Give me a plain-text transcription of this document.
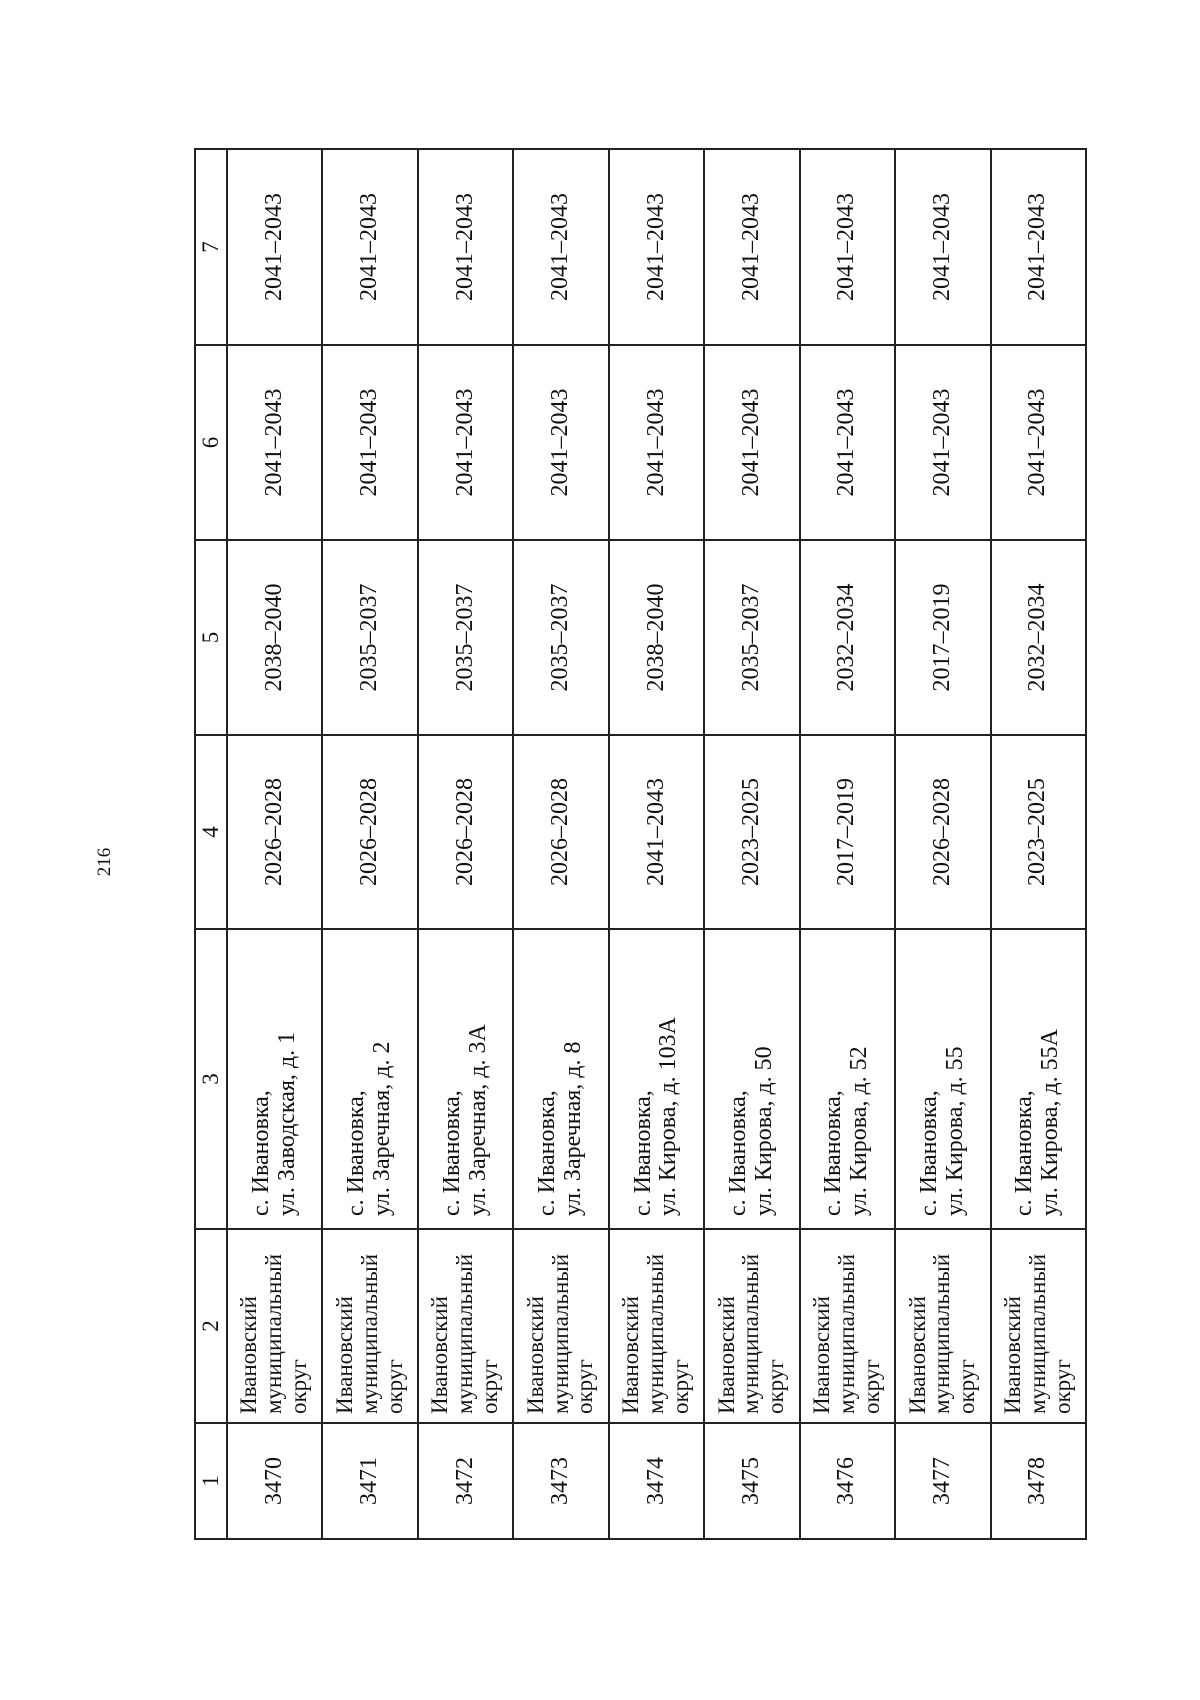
216
1	2	3	4	5	6	7
3470	Ивановский муниципальный округ	с. Ивановка, ул. Заводская, д. 1	2026–2028	2038–2040	2041–2043	2041–2043
3471	Ивановский муниципальный округ	с. Ивановка, ул. Заречная, д. 2	2026–2028	2035–2037	2041–2043	2041–2043
3472	Ивановский муниципальный округ	с. Ивановка, ул. Заречная, д. 3А	2026–2028	2035–2037	2041–2043	2041–2043
3473	Ивановский муниципальный округ	с. Ивановка, ул. Заречная, д. 8	2026–2028	2035–2037	2041–2043	2041–2043
3474	Ивановский муниципальный округ	с. Ивановка, ул. Кирова, д. 103А	2041–2043	2038–2040	2041–2043	2041–2043
3475	Ивановский муниципальный округ	с. Ивановка, ул. Кирова, д. 50	2023–2025	2035–2037	2041–2043	2041–2043
3476	Ивановский муниципальный округ	с. Ивановка, ул. Кирова, д. 52	2017–2019	2032–2034	2041–2043	2041–2043
3477	Ивановский муниципальный округ	с. Ивановка, ул. Кирова, д. 55	2026–2028	2017–2019	2041–2043	2041–2043
3478	Ивановский муниципальный округ	с. Ивановка, ул. Кирова, д. 55А	2023–2025	2032–2034	2041–2043	2041–2043
